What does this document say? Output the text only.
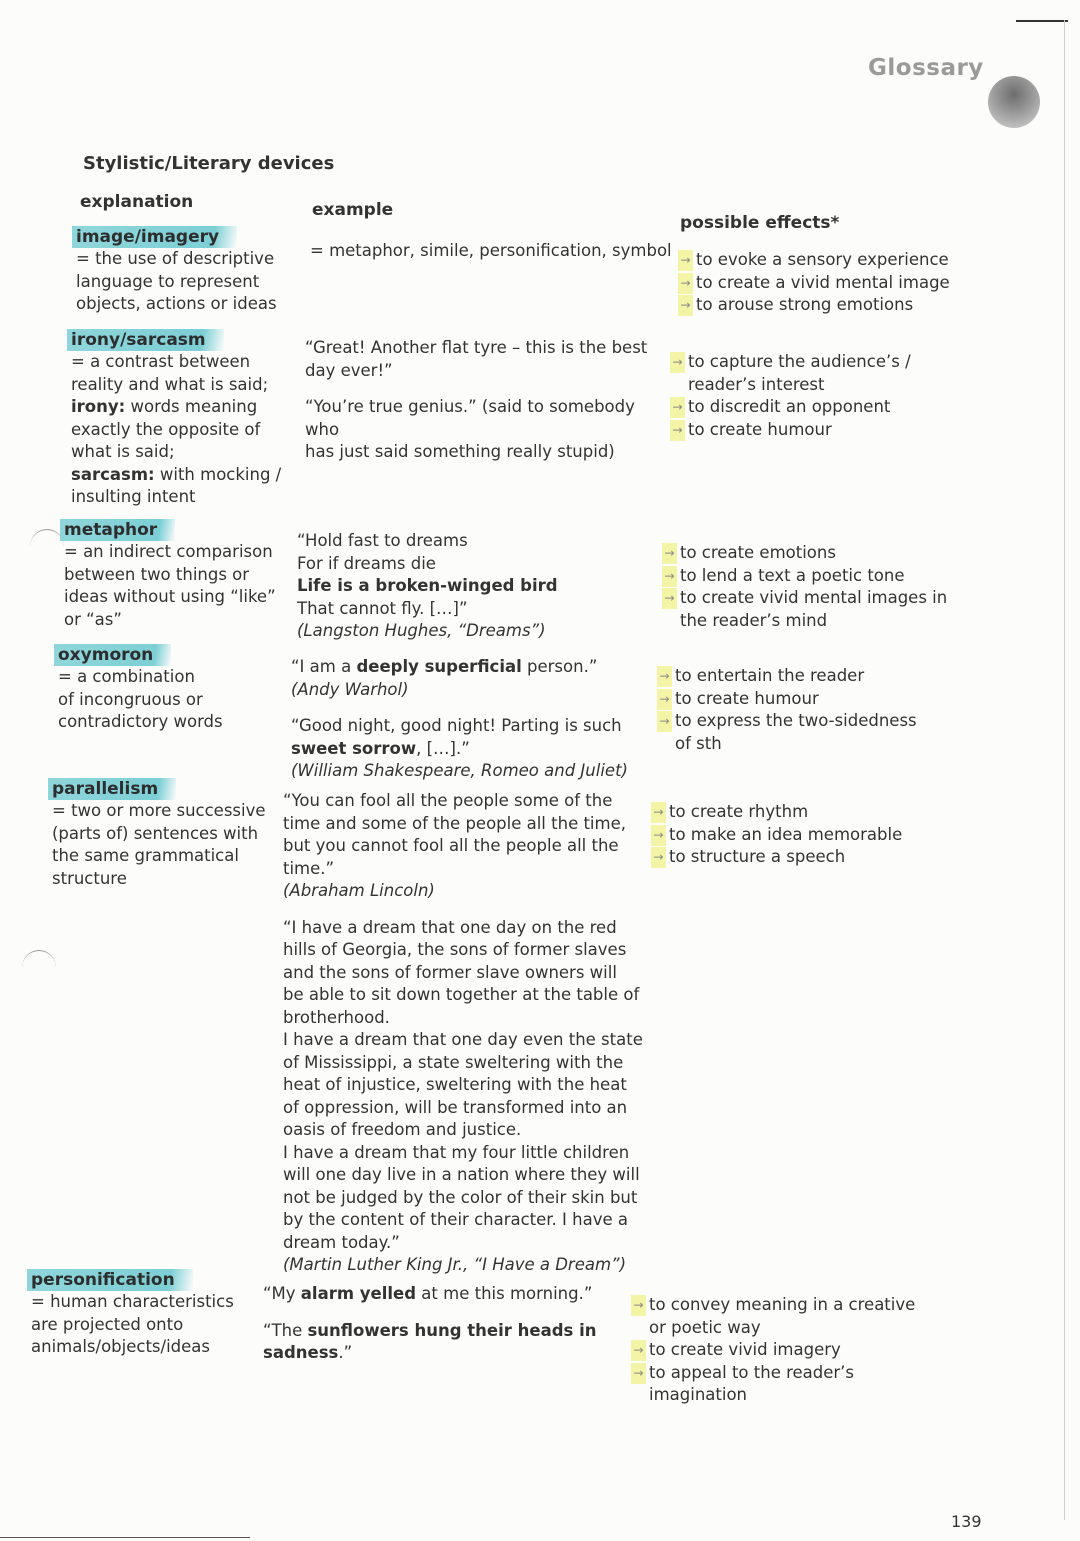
Glossary
Stylistic/Literary devices
explanation	example
possible effects*
image/imagery
= the use of descriptive
language to represent
objects, actions or ideas
= metaphor, simile, personification, symbol → to evoke a sensory experience
→ to create a vivid mental image
→ to arouse strong emotions
irony/sarcasm
= a contrast between
reality and what is said;
irony: words meaning
exactly the opposite of
what is said;
sarcasm: with mocking /
insulting intent
“Great! Another flat tyre – this is the best
day ever!”
“You’re true genius.” (said to somebody who
has just said something really stupid)
→ to capture the audience’s /
reader’s interest
→ to discredit an opponent
→ to create humour
metaphor
= an indirect comparison
between two things or
ideas without using “like”
or “as”
“Hold fast to dreams
For if dreams die
Life is a broken-winged bird
That cannot fly. […]”
(Langston Hughes, “Dreams”)
→ to create emotions
→ to lend a text a poetic tone
→ to create vivid mental images in
the reader’s mind
oxymoron
= a combination
of incongruous or
contradictory words
“I am a deeply superficial person.”
(Andy Warhol)
“Good night, good night! Parting is such
sweet sorrow, […].”
(William Shakespeare, Romeo and Juliet)
→ to entertain the reader
→ to create humour
→ to express the two-sidedness
of sth
parallelism
= two or more successive
(parts of) sentences with
the same grammatical
structure
“You can fool all the people some of the
time and some of the people all the time,
but you cannot fool all the people all the
time.”
(Abraham Lincoln)
“I have a dream that one day on the red
hills of Georgia, the sons of former slaves
and the sons of former slave owners will
be able to sit down together at the table of
brotherhood.
I have a dream that one day even the state
of Mississippi, a state sweltering with the
heat of injustice, sweltering with the heat
of oppression, will be transformed into an
oasis of freedom and justice.
I have a dream that my four little children
will one day live in a nation where they will
not be judged by the color of their skin but
by the content of their character. I have a
dream today.”
(Martin Luther King Jr., “I Have a Dream”)
→ to create rhythm
→ to make an idea memorable
→ to structure a speech
personification
= human characteristics
are projected onto
animals/objects/ideas
“My alarm yelled at me this morning.”
“The sunflowers hung their heads in
sadness.”
→ to convey meaning in a creative
or poetic way
→ to create vivid imagery
→ to appeal to the reader’s
imagination
139
